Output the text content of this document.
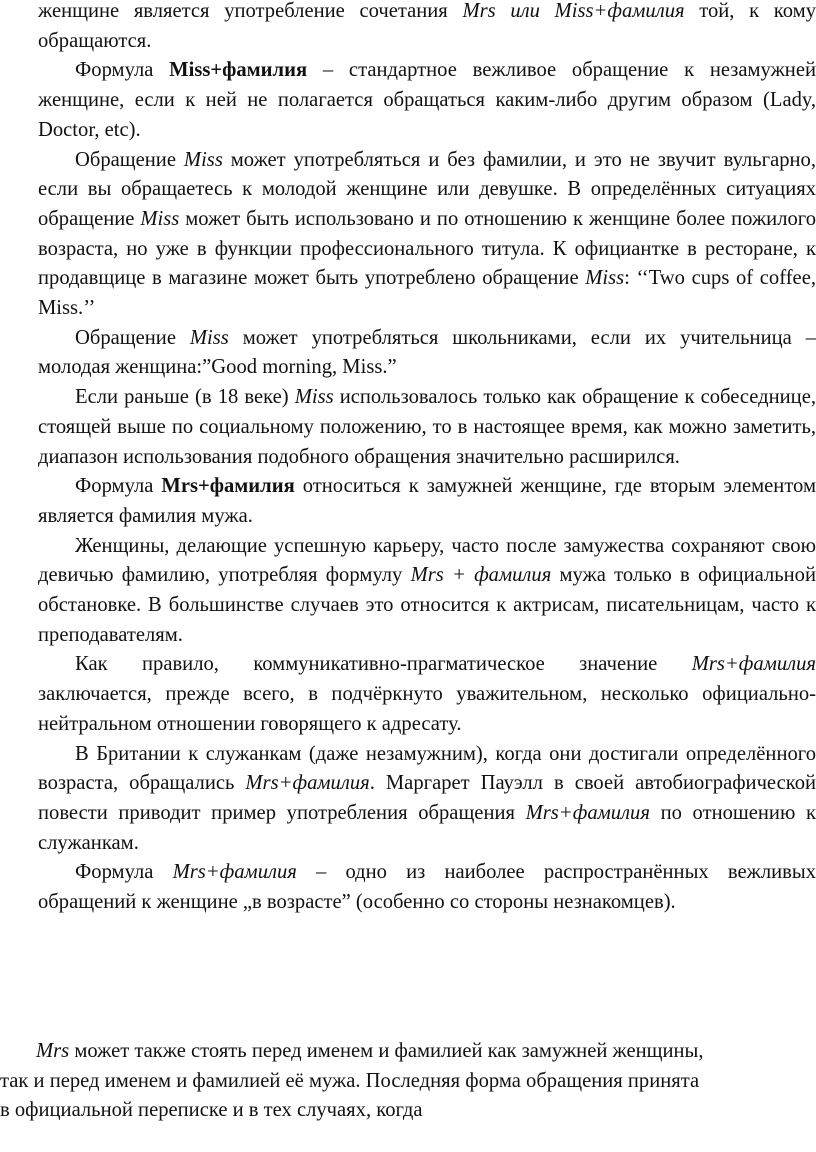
женщине является употребление сочетания Mrs или Miss+фамилия той, к кому обращаются.

Формула Miss+фамилия – стандартное вежливое обращение к незамужней женщине, если к ней не полагается обращаться каким-либо другим образом (Lady, Doctor, etc).

Обращение Miss может употребляться и без фамилии, и это не звучит вульгарно, если вы обращаетесь к молодой женщине или девушке. В определённых ситуациях обращение Miss может быть использовано и по отношению к женщине более пожилого возраста, но уже в функции профессионального титула. К официантке в ресторане, к продавщице в магазине может быть употреблено обращение Miss: ‘‘Two cups of coffee, Miss.’’

Обращение Miss может употребляться школьниками, если их учительница – молодая женщина:”Good morning, Miss.”

Если раньше (в 18 веке) Miss использовалось только как обращение к собеседнице, стоящей выше по социальному положению, то в настоящее время, как можно заметить, диапазон использования подобного обращения значительно расширился.

Формула Mrs+фамилия относиться к замужней женщине, где вторым элементом является фамилия мужа.

Женщины, делающие успешную карьеру, часто после замужества сохраняют свою девичью фамилию, употребляя формулу Mrs + фамилия мужа только в официальной обстановке. В большинстве случаев это относится к актрисам, писательницам, часто к преподавателям.

Как правило, коммуникативно-прагматическое значение Mrs+фамилия заключается, прежде всего, в подчёркнуто уважительном, несколько официально-нейтральном отношении говорящего к адресату.

В Британии к служанкам (даже незамужним), когда они достигали определённого возраста, обращались Mrs+фамилия. Маргарет Пауэлл в своей автобиографической повести приводит пример употребления обращения Mrs+фамилия по отношению к служанкам.

Формула Mrs+фамилия – одно из наиболее распространённых вежливых обращений к женщине „в возрасте” (особенно со стороны незнакомцев).

Mrs может также стоять перед именем и фамилией как замужней женщины,
так и перед именем и фамилией её мужа. Последняя форма обращения принята
в официальной переписке и в тех случаях, когда
